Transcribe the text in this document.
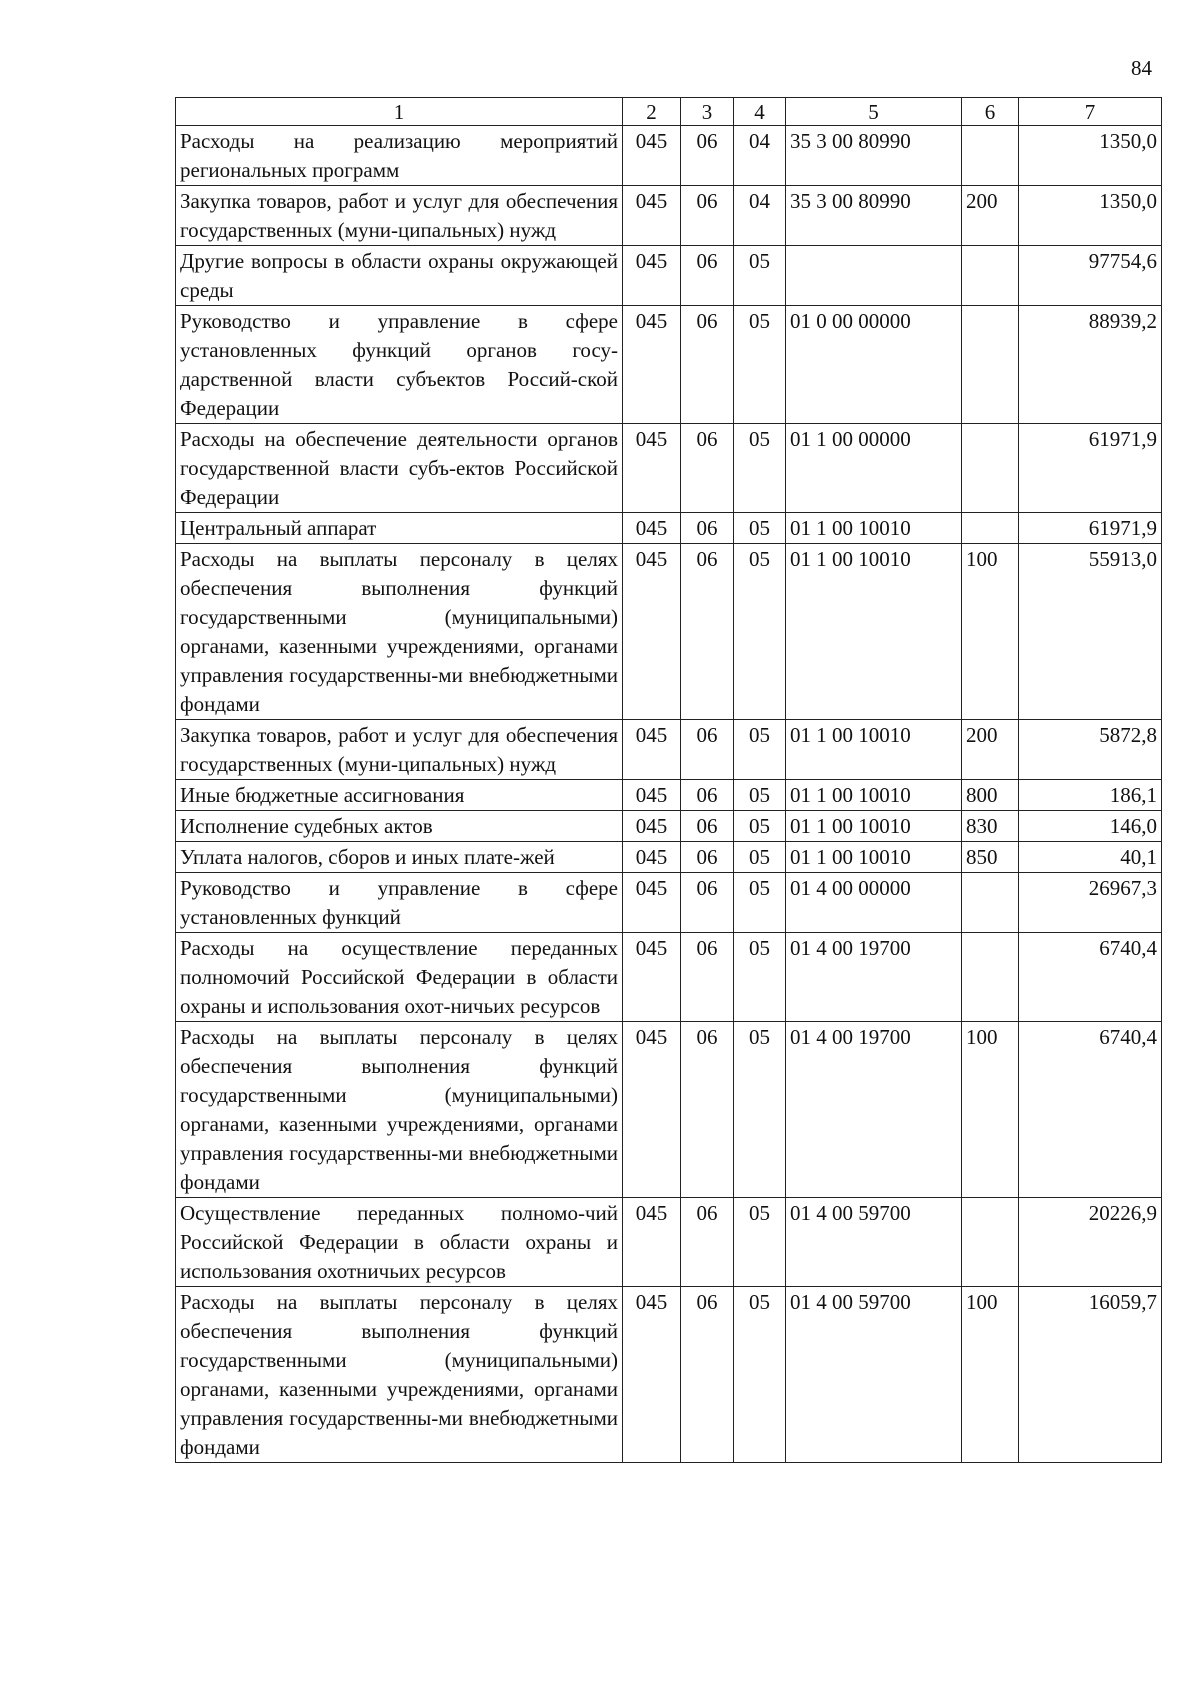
84
1	2	3	4	5	6	7
Расходы на реализацию мероприятий региональных программ	045	06	04	35 3 00 80990		1350,0
Закупка товаров, работ и услуг для обеспечения государственных (муни-ципальных) нужд	045	06	04	35 3 00 80990	200	1350,0
Другие вопросы в области охраны окружающей среды	045	06	05			97754,6
Руководство и управление в сфере установленных функций органов госу-дарственной власти субъектов Россий-ской Федерации	045	06	05	01 0 00 00000		88939,2
Расходы на обеспечение деятельности органов государственной власти субъ-ектов Российской Федерации	045	06	05	01 1 00 00000		61971,9
Центральный аппарат	045	06	05	01 1 00 10010		61971,9
Расходы на выплаты персоналу в целях обеспечения выполнения функций государственными (муниципальными) органами, казенными учреждениями, органами управления государственны-ми внебюджетными фондами	045	06	05	01 1 00 10010	100	55913,0
Закупка товаров, работ и услуг для обеспечения государственных (муни-ципальных) нужд	045	06	05	01 1 00 10010	200	5872,8
Иные бюджетные ассигнования	045	06	05	01 1 00 10010	800	186,1
Исполнение судебных актов	045	06	05	01 1 00 10010	830	146,0
Уплата налогов, сборов и иных плате-жей	045	06	05	01 1 00 10010	850	40,1
Руководство и управление в сфере установленных функций	045	06	05	01 4 00 00000		26967,3
Расходы на осуществление переданных полномочий Российской Федерации в области охраны и использования охот-ничьих ресурсов	045	06	05	01 4 00 19700		6740,4
Расходы на выплаты персоналу в целях обеспечения выполнения функций государственными (муниципальными) органами, казенными учреждениями, органами управления государственны-ми внебюджетными фондами	045	06	05	01 4 00 19700	100	6740,4
Осуществление переданных полномо-чий Российской Федерации в области охраны и использования охотничьих ресурсов	045	06	05	01 4 00 59700		20226,9
Расходы на выплаты персоналу в целях обеспечения выполнения функций государственными (муниципальными) органами, казенными учреждениями, органами управления государственны-ми внебюджетными фондами	045	06	05	01 4 00 59700	100	16059,7
